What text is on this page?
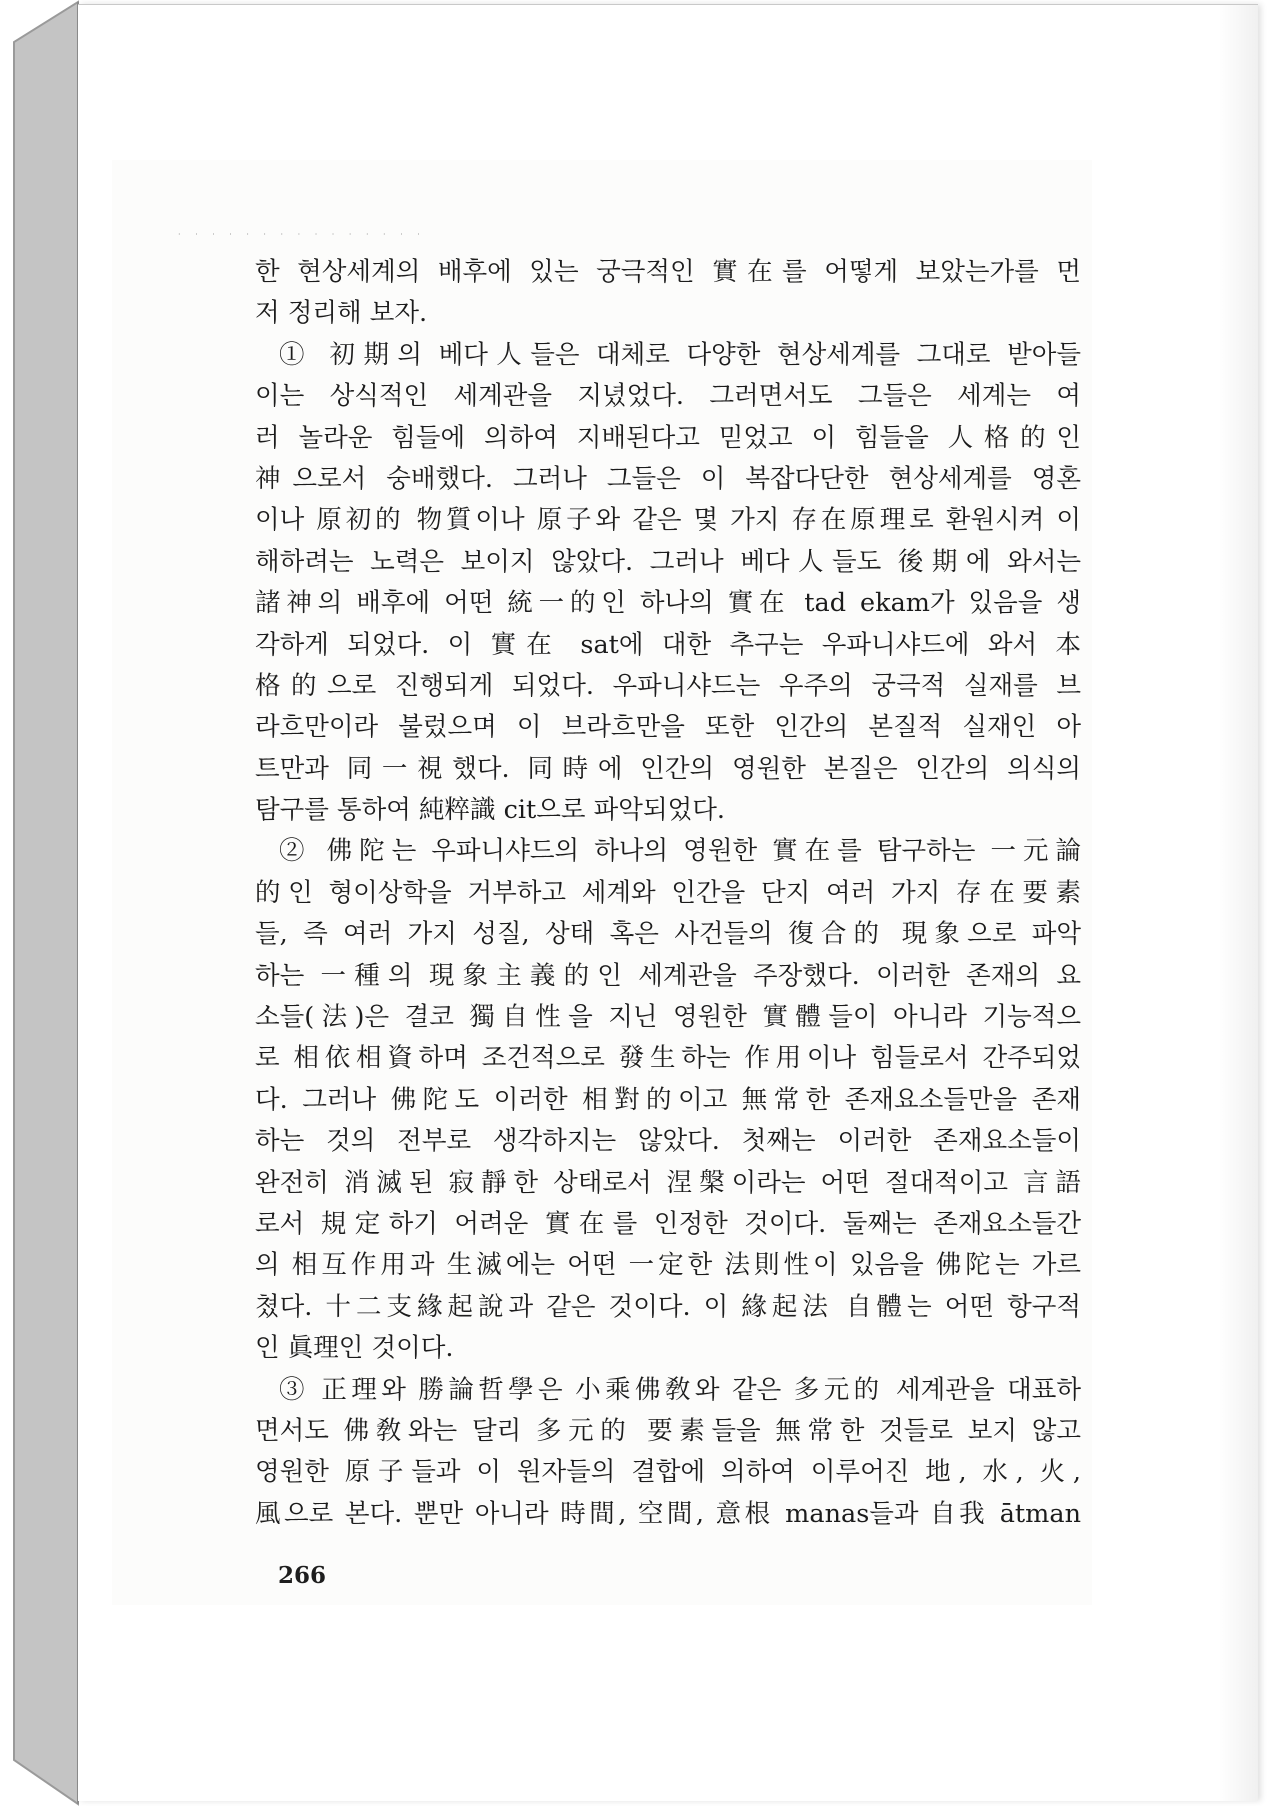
· · · · · · · · · · · · · · ·
한 현상세계의 배후에 있는 궁극적인 實在를 어떻게 보았는가를 먼
저 정리해 보자.
① 初期의 베다人들은 대체로 다양한 현상세계를 그대로 받아들
이는 상식적인 세계관을 지녔었다. 그러면서도 그들은 세계는 여
러 놀라운 힘들에 의하여 지배된다고 믿었고 이 힘들을 人格的인
神으로서 숭배했다. 그러나 그들은 이 복잡다단한 현상세계를 영혼
이나 原初的 物質이나 原子와 같은 몇 가지 存在原理로 환원시켜 이
해하려는 노력은 보이지 않았다. 그러나 베다人들도 後期에 와서는
諸神의 배후에 어떤 統一的인 하나의 實在 tad ekam가 있음을 생
각하게 되었다. 이 實在 sat에 대한 추구는 우파니샤드에 와서 本
格的으로 진행되게 되었다. 우파니샤드는 우주의 궁극적 실재를 브
라흐만이라 불렀으며 이 브라흐만을 또한 인간의 본질적 실재인 아
트만과 同一視했다. 同時에 인간의 영원한 본질은 인간의 의식의
탐구를 통하여 純粹識 cit으로 파악되었다.
② 佛陀는 우파니샤드의 하나의 영원한 實在를 탐구하는 一元論
的인 형이상학을 거부하고 세계와 인간을 단지 여러 가지 存在要素
들, 즉 여러 가지 성질, 상태 혹은 사건들의 復合的 現象으로 파악
하는 一種의 現象主義的인 세계관을 주장했다. 이러한 존재의 요
소들(法)은 결코 獨自性을 지닌 영원한 實體들이 아니라 기능적으
로 相依相資하며 조건적으로 發生하는 作用이나 힘들로서 간주되었
다. 그러나 佛陀도 이러한 相對的이고 無常한 존재요소들만을 존재
하는 것의 전부로 생각하지는 않았다. 첫째는 이러한 존재요소들이
완전히 消滅된 寂靜한 상태로서 涅槃이라는 어떤 절대적이고 言語
로서 規定하기 어려운 實在를 인정한 것이다. 둘째는 존재요소들간
의 相互作用과 生滅에는 어떤 一定한 法則性이 있음을 佛陀는 가르
쳤다. 十二支緣起說과 같은 것이다. 이 緣起法 自體는 어떤 항구적
인 眞理인 것이다.
③ 正理와 勝論哲學은 小乘佛敎와 같은 多元的 세계관을 대표하
면서도 佛敎와는 달리 多元的 要素들을 無常한 것들로 보지 않고
영원한 原子들과 이 원자들의 결합에 의하여 이루어진 地, 水, 火,
風으로 본다. 뿐만 아니라 時間, 空間, 意根 manas들과 自我 ātman
266
